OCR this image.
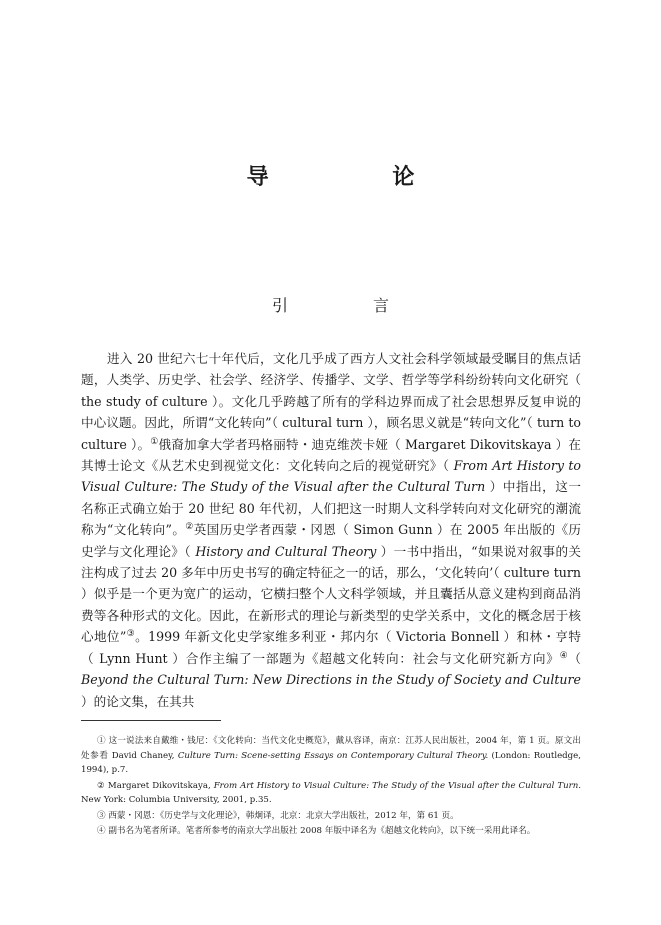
导 论
引 言
进入 20 世纪六七十年代后，文化几乎成了西方人文社会科学领域最受瞩目的焦点话题，人类学、历史学、社会学、经济学、传播学、文学、哲学等学科纷纷转向文化研究（ the study of culture ）。文化几乎跨越了所有的学科边界而成了社会思想界反复申说的中心议题。因此，所谓“文化转向”（ cultural turn ），顾名思义就是“转向文化”（ turn to culture ）。①俄裔加拿大学者玛格丽特・迪克维茨卡娅（ Margaret Dikovitskaya ）在其博士论文《从艺术史到视觉文化：文化转向之后的视觉研究》（ From Art History to Visual Culture: The Study of the Visual after the Cultural Turn ）中指出，这一名称正式确立始于 20 世纪 80 年代初，人们把这一时期人文科学转向对文化研究的潮流称为“文化转向”。②英国历史学者西蒙・冈恩（ Simon Gunn ）在 2005 年出版的《历史学与文化理论》（ History and Cultural Theory ）一书中指出，“如果说对叙事的关注构成了过去 20 多年中历史书写的确定特征之一的话，那么，‘文化转向’（ culture turn ）似乎是一个更为宽广的运动，它横扫整个人文科学领域，并且囊括从意义建构到商品消费等各种形式的文化。因此，在新形式的理论与新类型的史学关系中，文化的概念居于核心地位”③。1999 年新文化史学家维多利亚・邦内尔（ Victoria Bonnell ）和林・亨特（ Lynn Hunt ）合作主编了一部题为《超越文化转向：社会与文化研究新方向》④（ Beyond the Cultural Turn: New Directions in the Study of Society and Culture ）的论文集，在其共

① 这一说法来自戴维・钱尼：《文化转向：当代文化史概览》，戴从容译，南京：江苏人民出版社，2004 年，第 1 页。原文出处参看 David Chaney, Culture Turn: Scene-setting Essays on Contemporary Cultural Theory. (London: Routledge, 1994), p.7.

② Margaret Dikovitskaya, From Art History to Visual Culture: The Study of the Visual after the Cultural Turn. New York: Columbia University, 2001, p.35.

③ 西蒙・冈恩：《历史学与文化理论》，韩炯译，北京：北京大学出版社，2012 年，第 61 页。

④ 副书名为笔者所译。笔者所参考的南京大学出版社 2008 年版中译名为《超越文化转向》，以下统一采用此译名。
